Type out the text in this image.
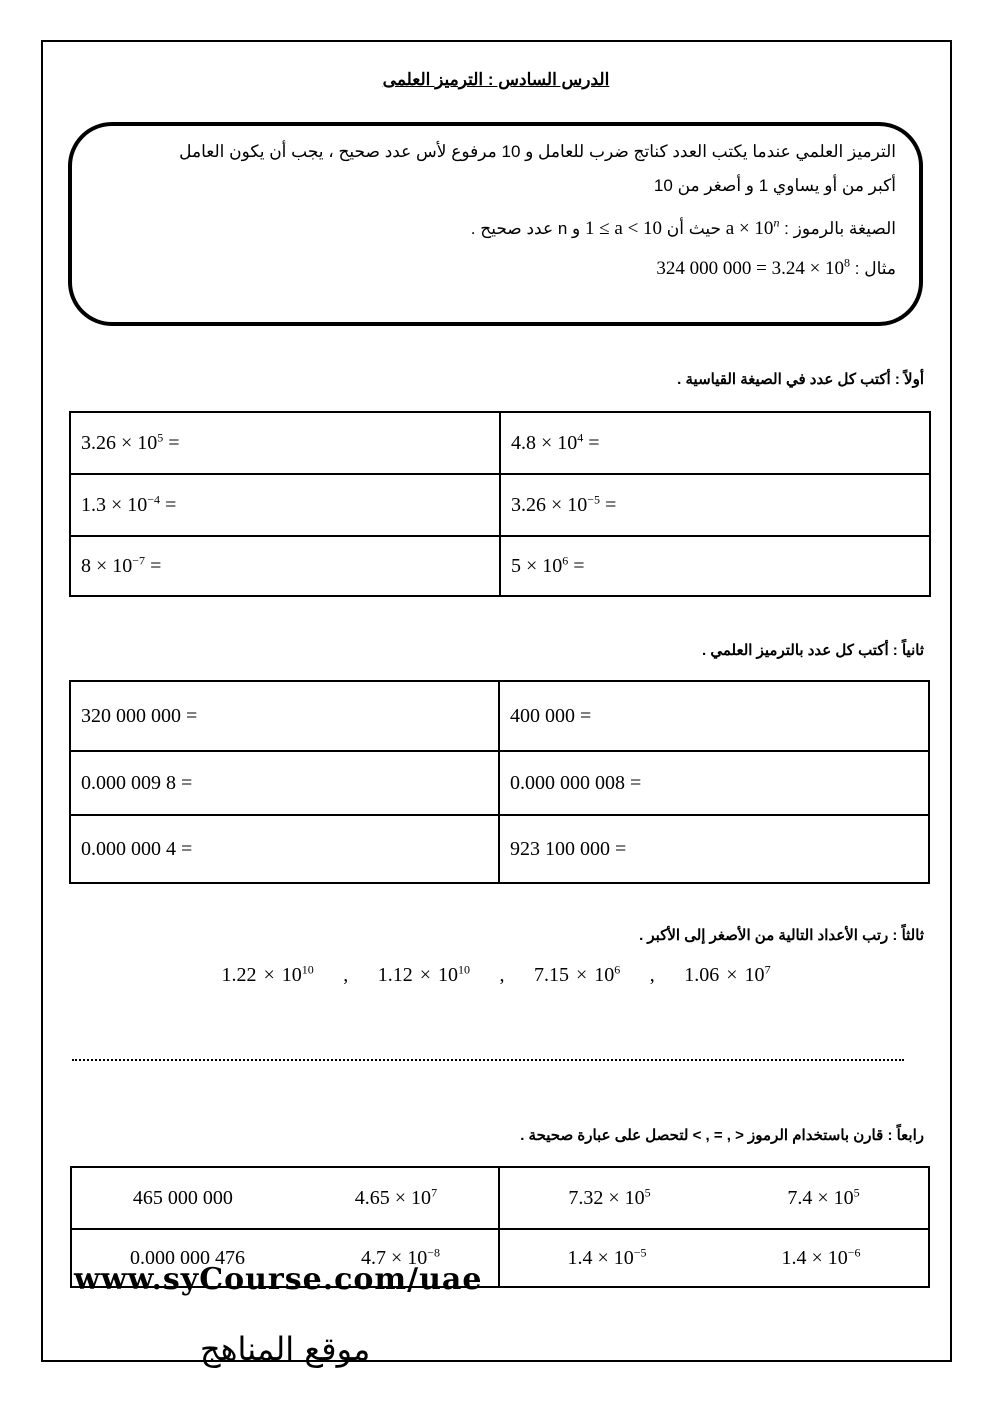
الدرس السادس : الترميز العلمى
الترميز العلمي عندما يكتب العدد كناتج ضرب للعامل و 10 مرفوع لأس عدد صحيح ، يجب أن يكون العامل
أكبر من أو يساوي 1 و أصغر من 10
الصيغة بالرموز : $a \times 10^n$ حيث أن 1 ≤ a < 10 و n عدد صحيح .
مثال : 324 000 $000 = 3.24 \times 10^8$
أولاً : أكتب كل عدد في الصيغة القياسية .
$3.26 \times 10^5$ =	$4.8 \times 10^4$ =
$1.3 \times 10^{-4}$ =	$3.26 \times 10^{-5}$ =
$8 \times 10^{-7}$ =	$5 \times 10^6$ =
ثانياً : أكتب كل عدد بالترميز العلمي .
320 000 000 =	400 000 =
0.000 009 8 =	0.000 000 008 =
0.000 000 4 =	923 100 000 =
ثالثاً : رتب الأعداد التالية من الأصغر إلى الأكبر .
$1.22 \times 10^{10}$ , $1.12 \times 10^{10}$ , $7.15 \times 10^6$ , $1.06 \times 10^7$
رابعاً : قارن باستخدام الرموز < , = , > لتحصل على عبارة صحيحة .
465 000 000 $4.65 \times 10^7$	$7.32 \times 10^5$ $7.4 \times 10^5$

0.000 000 476 $4.7 \times 10^{-8}$	$1.4 \times 10^{-5}$ $1.4 \times 10^{-6}$
www.syCourse.com/uae
موقع المناهج
